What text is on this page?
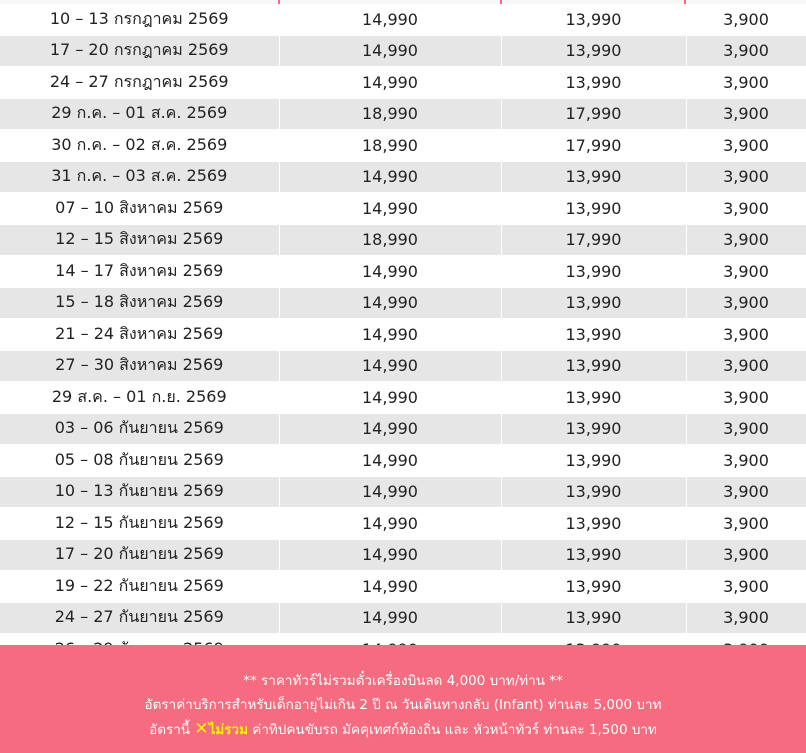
10 – 13 กรกฎาคม 2569	14,990	13,990	3,900
17 – 20 กรกฎาคม 2569	14,990	13,990	3,900
24 – 27 กรกฎาคม 2569	14,990	13,990	3,900
29 ก.ค. – 01 ส.ค. 2569	18,990	17,990	3,900
30 ก.ค. – 02 ส.ค. 2569	18,990	17,990	3,900
31 ก.ค. – 03 ส.ค. 2569	14,990	13,990	3,900
07 – 10 สิงหาคม 2569	14,990	13,990	3,900
12 – 15 สิงหาคม 2569	18,990	17,990	3,900
14 – 17 สิงหาคม 2569	14,990	13,990	3,900
15 – 18 สิงหาคม 2569	14,990	13,990	3,900
21 – 24 สิงหาคม 2569	14,990	13,990	3,900
27 – 30 สิงหาคม 2569	14,990	13,990	3,900
29 ส.ค. – 01 ก.ย. 2569	14,990	13,990	3,900
03 – 06 กันยายน 2569	14,990	13,990	3,900
05 – 08 กันยายน 2569	14,990	13,990	3,900
10 – 13 กันยายน 2569	14,990	13,990	3,900
12 – 15 กันยายน 2569	14,990	13,990	3,900
17 – 20 กันยายน 2569	14,990	13,990	3,900
19 – 22 กันยายน 2569	14,990	13,990	3,900
24 – 27 กันยายน 2569	14,990	13,990	3,900

** ราคาทัวร์ไม่รวมตั๋วเครื่องบินลด 4,000 บาท/ท่าน **
อัตราค่าบริการสำหรับเด็กอายุไม่เกิน 2 ปี ณ วันเดินทางกลับ (Infant) ท่านละ 5,000 บาท
อัตรานี้ ✕ไม่รวม ค่าทิปคนขับรถ มัคคุเทศก์ท้องถิ่น และ หัวหน้าทัวร์ ท่านละ 1,500 บาท
